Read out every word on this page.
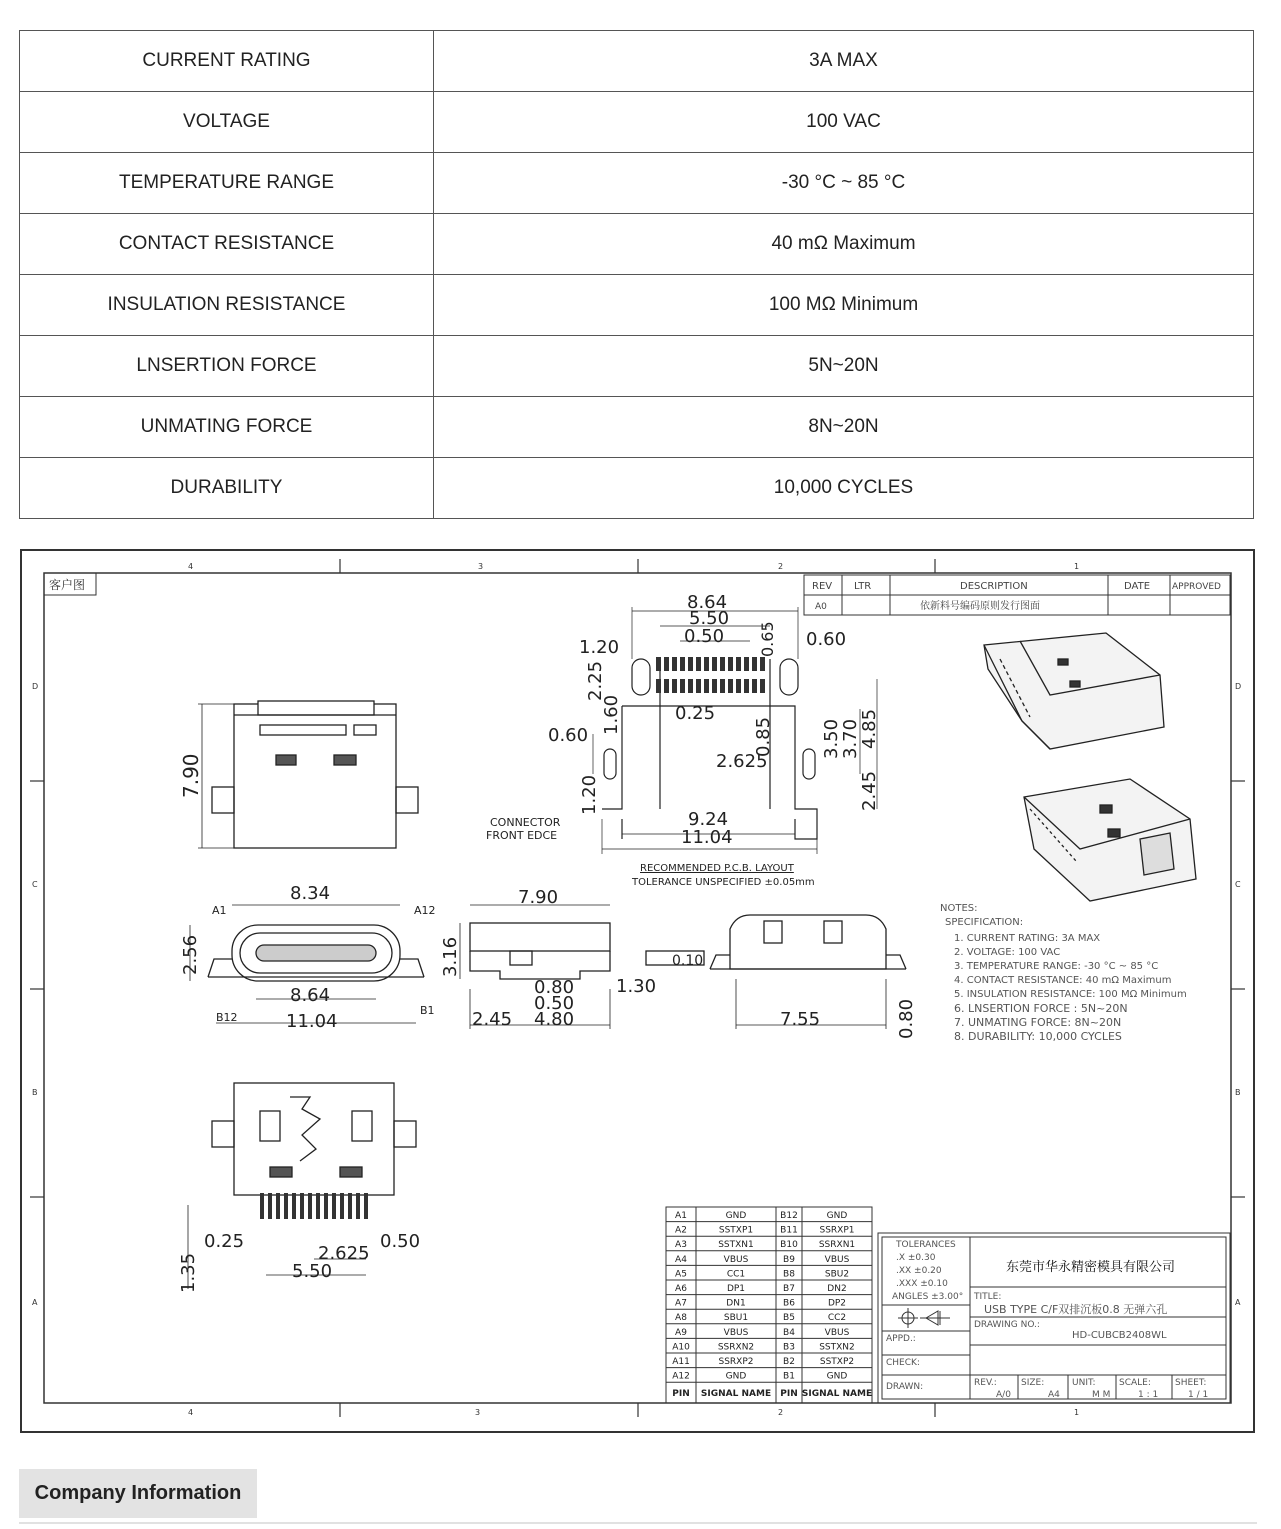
CURRENT RATING	3A MAX
VOLTAGE	100 VAC
TEMPERATURE RANGE	-30 °C ~ 85 °C
CONTACT RESISTANCE	40 mΩ Maximum
INSULATION RESISTANCE	100 MΩ Minimum
LNSERTION FORCE	5N~20N
UNMATING FORCE	8N~20N
DURABILITY	10,000 CYCLES
4	3	2	1
4	3	2	1
D
C
B
A
D
C
B
A
客户图	REV LTR	DESCRIPTION	DATE APPROVED
A0	依新料号编码原则发行图面
7.90
8.64
5.50
0.50 0.65
1.20
2.25
0.60
1.60	0.25
0.85	3.50
3.70
4.85
0.60
2.625
2.45
1.20
9.24
11.04
CONNECTOR
FRONT EDCE
RECOMMENDED P.C.B. LAYOUT
TOLERANCE UNSPECIFIED ±0.05mm
NOTES:
SPECIFICATION:
1. CURRENT RATING: 3A MAX
2. VOLTAGE: 100 VAC
3. TEMPERATURE RANGE: -30 °C ~ 85 °C
4. CONTACT RESISTANCE: 40 mΩ Maximum
5. INSULATION RESISTANCE: 100 MΩ Minimum
6. LNSERTION FORCE : 5N~20N
7. UNMATING FORCE: 8N~20N
8. DURABILITY: 10,000 CYCLES
8.34
A1	A12
2.56
8.64
B12	11.04
B1
7.90
3.16
0.80
0.50
1.30
2.45 4.80
0.10
7.55	0.80
0.25
2.625
0.50
1.35	5.50
A1	GND	B12	GND
A2	SSTXP1	B11 SSRXP1
A3	SSTXN1	B10 SSRXN1
A4	VBUS	B9	VBUS
A5	CC1	B8	SBU2
A6	DP1	B7	DN2
A7	DN1	B6	DP2
A8	SBU1	B5	CC2
A9	VBUS	B4	VBUS
A10	SSRXN2	B3	SSTXN2
A11	SSRXP2	B2	SSTXP2
A12	GND	B1	GND
PIN SIGNAL NAME PIN SIGNAL NAME
TOLERANCES
.X ±0.30
.XX ±0.20
.XXX ±0.10
ANGLES ±3.00°
APPD.:
CHECK:
DRAWN:
东莞市华永精密模具有限公司
TITLE:
USB TYPE C/F双排沉板0.8 无弹六孔
DRAWING NO.:
HD-CUBCB2408WL
REV.:
A/0
SIZE:
A4
UNIT:
M M
SCALE:
1 : 1
SHEET:
1 / 1
Company Information
